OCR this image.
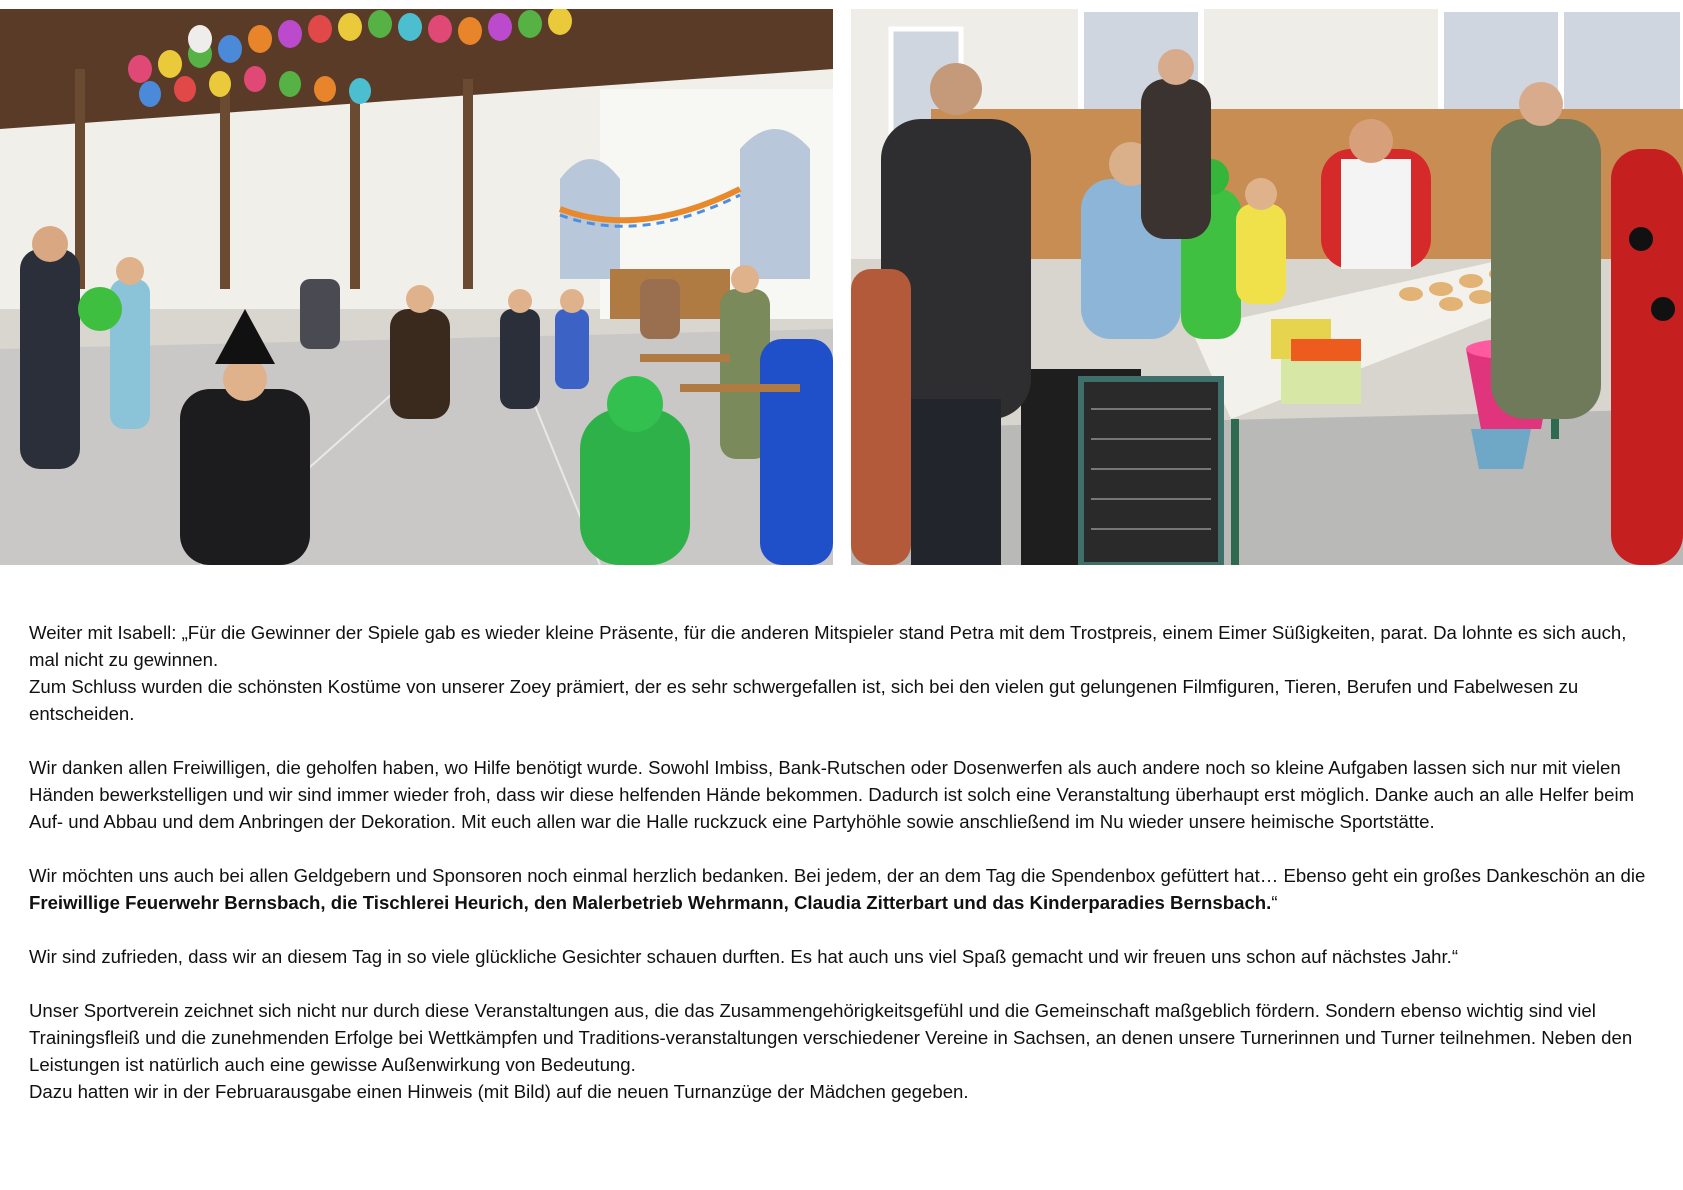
Weiter mit Isabell: „Für die Gewinner der Spiele gab es wieder kleine Präsente, für die anderen Mitspieler stand Petra mit dem Trostpreis, einem Eimer Süßigkeiten, parat. Da lohnte es sich auch, mal nicht zu gewinnen.

Zum Schluss wurden die schönsten Kostüme von unserer Zoey prämiert, der es sehr schwergefallen ist, sich bei den vielen gut gelungenen Filmfiguren, Tieren, Berufen und Fabelwesen zu entscheiden.

Wir danken allen Freiwilligen, die geholfen haben, wo Hilfe benötigt wurde. Sowohl Imbiss, Bank-Rutschen oder Dosenwerfen als auch andere noch so kleine Aufgaben lassen sich nur mit vielen Händen bewerkstelligen und wir sind immer wieder froh, dass wir diese helfenden Hände bekommen. Dadurch ist solch eine Veranstaltung überhaupt erst möglich. Danke auch an alle Helfer beim Auf- und Abbau und dem Anbringen der Dekoration. Mit euch allen war die Halle ruckzuck eine Partyhöhle sowie anschließend im Nu wieder unsere heimische Sportstätte.

Wir möchten uns auch bei allen Geldgebern und Sponsoren noch einmal herzlich bedanken. Bei jedem, der an dem Tag die Spendenbox gefüttert hat… Ebenso geht ein großes Dankeschön an die Freiwillige Feuerwehr Bernsbach, die Tischlerei Heurich, den Malerbetrieb Wehrmann, Claudia Zitterbart und das Kinderparadies Bernsbach.“

Wir sind zufrieden, dass wir an diesem Tag in so viele glückliche Gesichter schauen durften. Es hat auch uns viel Spaß gemacht und wir freuen uns schon auf nächstes Jahr.“

Unser Sportverein zeichnet sich nicht nur durch diese Veranstaltungen aus, die das Zusammengehörigkeitsgefühl und die Gemeinschaft maßgeblich fördern. Sondern ebenso wichtig sind viel Trainingsfleiß und die zunehmenden Erfolge bei Wettkämpfen und Traditions-veranstaltungen verschiedener Vereine in Sachsen, an denen unsere Turnerinnen und Turner teilnehmen. Neben den Leistungen ist natürlich auch eine gewisse Außenwirkung von Bedeutung.

Dazu hatten wir in der Februarausgabe einen Hinweis (mit Bild) auf die neuen Turnanzüge der Mädchen gegeben.
